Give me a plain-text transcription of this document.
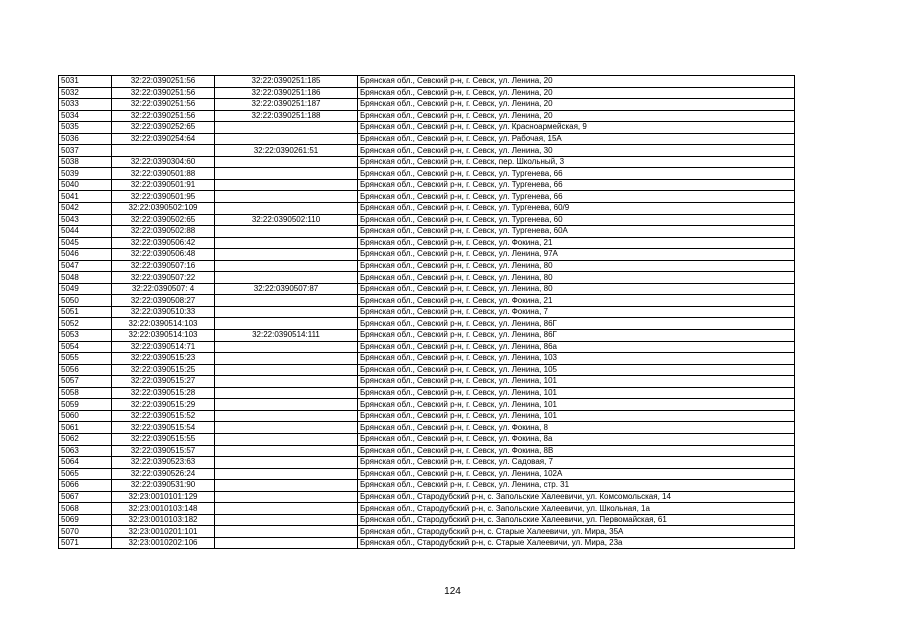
5031	32:22:0390251:56	32:22:0390251:185	Брянская обл., Севский р-н, г. Севск, ул. Ленина, 20
5032	32:22:0390251:56	32:22:0390251:186	Брянская обл., Севский р-н, г. Севск, ул. Ленина, 20
5033	32:22:0390251:56	32:22:0390251:187	Брянская обл., Севский р-н, г. Севск, ул. Ленина, 20
5034	32:22:0390251:56	32:22:0390251:188	Брянская обл., Севский р-н, г. Севск, ул. Ленина, 20
5035	32:22:0390252:65		Брянская обл., Севский р-н, г. Севск, ул. Красноармейская, 9
5036	32:22:0390254:64		Брянская обл., Севский р-н, г. Севск, ул. Рабочая, 15А
5037		32:22:0390261:51	Брянская обл., Севский р-н, г. Севск, ул. Ленина, 30
5038	32:22:0390304:60		Брянская обл., Севский р-н, г. Севск, пер. Школьный, 3
5039	32:22:0390501:88		Брянская обл., Севский р-н, г. Севск, ул. Тургенева, 66
5040	32:22:0390501:91		Брянская обл., Севский р-н, г. Севск, ул. Тургенева, 66
5041	32:22:0390501:95		Брянская обл., Севский р-н, г. Севск, ул. Тургенева, 66
5042	32:22:0390502:109		Брянская обл., Севский р-н, г. Севск, ул. Тургенева, 60/9
5043	32:22:0390502:65	32:22:0390502:110	Брянская обл., Севский р-н, г. Севск, ул. Тургенева, 60
5044	32:22:0390502:88		Брянская обл., Севский р-н, г. Севск, ул. Тургенева, 60А
5045	32:22:0390506:42		Брянская обл., Севский р-н, г. Севск, ул. Фокина, 21
5046	32:22:0390506:48		Брянская обл., Севский р-н, г. Севск, ул. Ленина, 97А
5047	32:22:0390507:16		Брянская обл., Севский р-н, г. Севск, ул. Ленина, 80
5048	32:22:0390507:22		Брянская обл., Севский р-н, г. Севск, ул. Ленина, 80
5049	32:22:0390507: 4	32:22:0390507:87	Брянская обл., Севский р-н, г. Севск, ул. Ленина, 80
5050	32:22:0390508:27		Брянская обл., Севский р-н, г. Севск, ул. Фокина, 21
5051	32:22:0390510:33		Брянская обл., Севский р-н, г. Севск, ул. Фокина, 7
5052	32:22:0390514:103		Брянская обл., Севский р-н, г. Севск, ул. Ленина, 86Г
5053	32:22:0390514:103	32:22:0390514:111	Брянская обл., Севский р-н, г. Севск, ул. Ленина, 86Г
5054	32:22:0390514:71		Брянская обл., Севский р-н, г. Севск, ул. Ленина, 86а
5055	32:22:0390515:23		Брянская обл., Севский р-н, г. Севск, ул. Ленина, 103
5056	32:22:0390515:25		Брянская обл., Севский р-н, г. Севск, ул. Ленина, 105
5057	32:22:0390515:27		Брянская обл., Севский р-н, г. Севск, ул. Ленина, 101
5058	32:22:0390515:28		Брянская обл., Севский р-н, г. Севск, ул. Ленина, 101
5059	32:22:0390515:29		Брянская обл., Севский р-н, г. Севск, ул. Ленина, 101
5060	32:22:0390515:52		Брянская обл., Севский р-н, г. Севск, ул. Ленина, 101
5061	32:22:0390515:54		Брянская обл., Севский р-н, г. Севск, ул. Фокина, 8
5062	32:22:0390515:55		Брянская обл., Севский р-н, г. Севск, ул. Фокина, 8а
5063	32:22:0390515:57		Брянская обл., Севский р-н, г. Севск, ул. Фокина, 8В
5064	32:22:0390523:63		Брянская обл., Севский р-н, г. Севск, ул. Садовая, 7
5065	32:22:0390526:24		Брянская обл., Севский р-н, г. Севск, ул. Ленина, 102А
5066	32:22:0390531:90		Брянская обл., Севский р-н, г. Севск, ул. Ленина, стр. 31
5067	32:23:0010101:129		Брянская обл., Стародубский р-н, с. Запольские Халеевичи, ул. Комсомольская, 14
5068	32:23:0010103:148		Брянская обл., Стародубский р-н, с. Запольские Халеевичи, ул. Школьная, 1а
5069	32:23:0010103:182		Брянская обл., Стародубский р-н, с. Запольские Халеевичи, ул. Первомайская, 61
5070	32:23:0010201:101		Брянская обл., Стародубский р-н, с. Старые Халеевичи, ул. Мира, 35А
5071	32:23:0010202:106		Брянская обл., Стародубский р-н, с. Старые Халеевичи, ул. Мира, 23а
124
